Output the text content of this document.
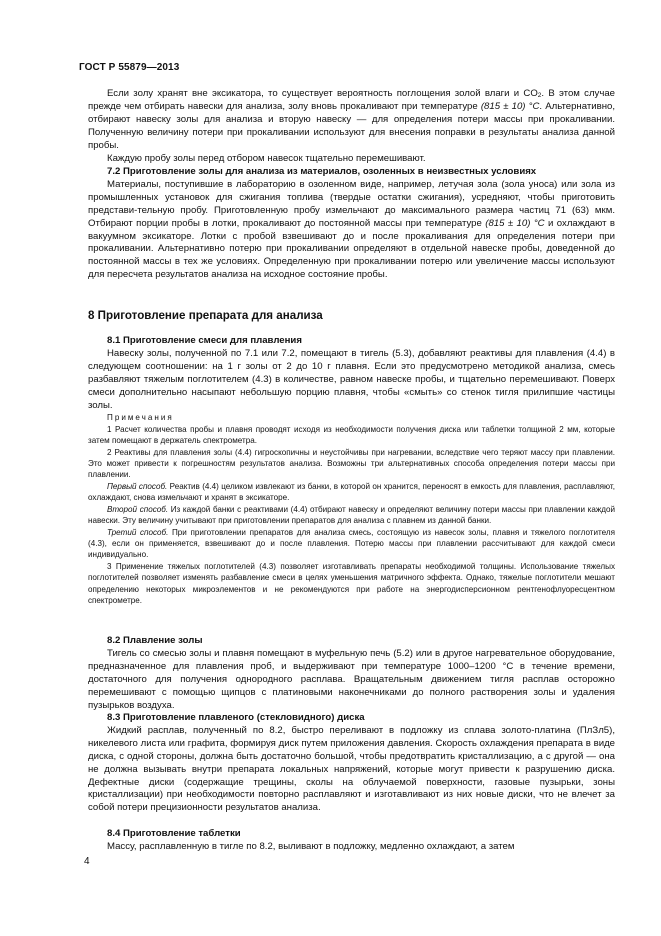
ГОСТ Р 55879—2013

Если золу хранят вне эксикатора, то существует вероятность поглощения золой влаги и $CO_2$. В этом случае прежде чем отбирать навески для анализа, золу вновь прокаливают при температуре (815 ± 10) °C. Альтернативно, отбирают навеску золы для анализа и вторую навеску — для определения потери массы при прокаливании. Полученную величину потери при прокаливании используют для внесения поправки в результаты анализа данной пробы.

Каждую пробу золы перед отбором навесок тщательно перемешивают.

7.2 Приготовление золы для анализа из материалов, озоленных в неизвестных условиях

Материалы, поступившие в лабораторию в озоленном виде, например, летучая зола (зола уноса) или зола из промышленных установок для сжигания топлива (твердые остатки сжигания), усредняют, чтобы приготовить представи-тельную пробу. Приготовленную пробу измельчают до максимального размера частиц 71 (63) мкм. Отбирают порции пробы в лотки, прокаливают до постоянной массы при температуре (815 ± 10) °C и охлаждают в вакуумном эксикаторе. Лотки с пробой взвешивают до и после прокаливания для определения потери при прокаливании. Альтернативно потерю при прокаливании определяют в отдельной навеске пробы, доведенной до постоянной массы в тех же условиях. Определенную при прокаливании потерю или увеличение массы используют для пересчета результатов анализа на исходное состояние пробы.

8 Приготовление препарата для анализа

8.1 Приготовление смеси для плавления

Навеску золы, полученной по 7.1 или 7.2, помещают в тигель (5.3), добавляют реактивы для плавления (4.4) в следующем соотношении: на 1 г золы от 2 до 10 г плавня. Если это предусмотрено методикой анализа, смесь разбавляют тяжелым поглотителем (4.3) в количестве, равном навеске пробы, и тщательно перемешивают. Поверх смеси дополнительно насыпают небольшую порцию плавня, чтобы «смыть» со стенок тигля прилипшие частицы золы.

Примечания

1 Расчет количества пробы и плавня проводят исходя из необходимости получения диска или таблетки толщиной 2 мм, которые затем помещают в держатель спектрометра.

2 Реактивы для плавления золы (4.4) гигроскопичны и неустойчивы при нагревании, вследствие чего теряют массу при плавлении. Это может привести к погрешностям результатов анализа. Возможны три альтернативных способа определения потери массы при плавлении.

Первый способ. Реактив (4.4) целиком извлекают из банки, в которой он хранится, переносят в емкость для плавления, расплавляют, охлаждают, снова измельчают и хранят в эксикаторе.

Второй способ. Из каждой банки с реактивами (4.4) отбирают навеску и определяют величину потери массы при плавлении каждой навески. Эту величину учитывают при приготовлении препаратов для анализа с плавнем из данной банки.

Третий способ. При приготовлении препаратов для анализа смесь, состоящую из навесок золы, плавня и тяжелого поглотителя (4.3), если он применяется, взвешивают до и после плавления. Потерю массы при плавлении рассчитывают для каждой смеси индивидуально.

3 Применение тяжелых поглотителей (4.3) позволяет изготавливать препараты необходимой толщины. Использование тяжелых поглотителей позволяет изменять разбавление смеси в целях уменьшения матричного эффекта. Однако, тяжелые поглотители мешают определению некоторых микроэлементов и не рекомендуются при работе на энергодисперсионном рентгенофлуоресцентном спектрометре.

8.2 Плавление золы

Тигель со смесью золы и плавня помещают в муфельную печь (5.2) или в другое нагревательное оборудование, предназначенное для плавления проб, и выдерживают при температуре 1000–1200 °C в течение времени, достаточного для получения однородного расплава. Вращательным движением тигля расплав осторожно перемешивают с помощью щипцов с платиновыми наконечниками до полного растворения золы и удаления пузырьков воздуха.

8.3 Приготовление плавленого (стекловидного) диска

Жидкий расплав, полученный по 8.2, быстро переливают в подложку из сплава золото-платина (ПлЗл5), никелевого листа или графита, формируя диск путем приложения давления. Скорость охлаждения препарата в виде диска, с одной стороны, должна быть достаточно большой, чтобы предотвратить кристаллизацию, а с другой — она не должна вызывать внутри препарата локальных напряжений, которые могут привести к разрушению диска. Дефектные диски (содержащие трещины, сколы на облучаемой поверхности, газовые пузырьки, зоны кристаллизации) при необходимости повторно расплавляют и изготавливают из них новые диски, что не влечет за собой потери прецизионности результатов анализа.

8.4 Приготовление таблетки

Массу, расплавленную в тигле по 8.2, выливают в подложку, медленно охлаждают, а затем

4
